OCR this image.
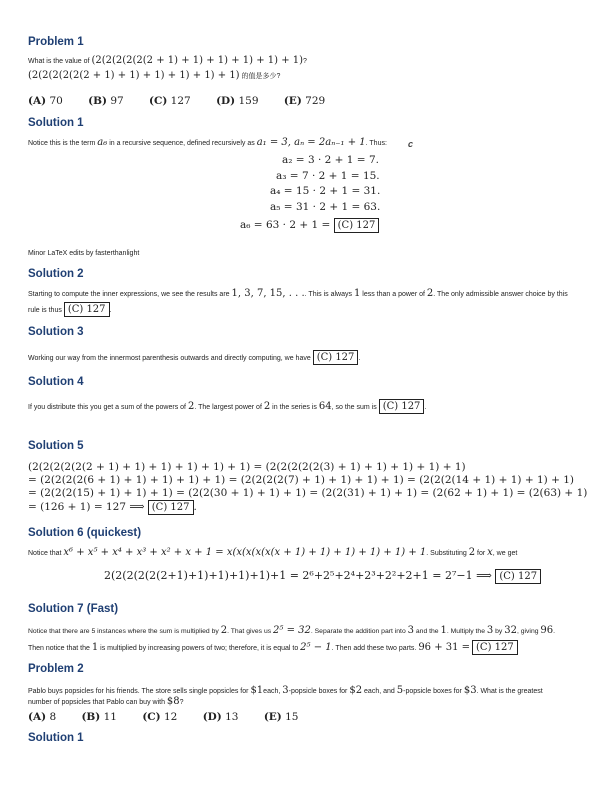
Problem 1
What is the value of (2(2(2(2(2(2 + 1) + 1) + 1) + 1) + 1) + 1)?
(2(2(2(2(2(2 + 1) + 1) + 1) + 1) + 1) + 1) 的值是多少?
(A) 70 (B) 97 (C) 127 (D) 159 (E) 729
Solution 1
Notice this is the term a₆ in a recursive sequence, defined recursively as a₁ = 3, aₙ = 2aₙ₋₁ + 1. Thus: 𝒄
a₂ = 3 · 2 + 1 = 7.
a₃ = 7 · 2 + 1 = 15.
a₄ = 15 · 2 + 1 = 31.
a₅ = 31 · 2 + 1 = 63.
a₆ = 63 · 2 + 1 = (C) 127
Minor LaTeX edits by fasterthanlight
Solution 2
Starting to compute the inner expressions, we see the results are 1, 3, 7, 15, . . .. This is always 1 less than a power of 2. The only admissible answer choice by this
rule is thus (C) 127 .
Solution 3
Working our way from the innermost parenthesis outwards and directly computing, we have (C) 127 .
Solution 4
If you distribute this you get a sum of the powers of 2. The largest power of 2 in the series is 64, so the sum is (C) 127 .
Solution 5
(2(2(2(2(2(2 + 1) + 1) + 1) + 1) + 1) + 1) = (2(2(2(2(2(3) + 1) + 1) + 1) + 1) + 1)
= (2(2(2(2(6 + 1) + 1) + 1) + 1) + 1) = (2(2(2(2(7) + 1) + 1) + 1) + 1) = (2(2(2(14 + 1) + 1) + 1) + 1)
= (2(2(2(15) + 1) + 1) + 1) = (2(2(30 + 1) + 1) + 1) = (2(2(31) + 1) + 1) = (2(62 + 1) + 1) = (2(63) + 1)
= (126 + 1) = 127 ⟹ (C) 127 .
Solution 6 (quickest)
Notice that x⁶ + x⁵ + x⁴ + x³ + x² + x + 1 = x(x(x(x(x(x + 1) + 1) + 1) + 1) + 1) + 1. Substituting 2 for x, we get
2(2(2(2(2(2+1)+1)+1)+1)+1)+1 = 2⁶+2⁵+2⁴+2³+2²+2+1 = 2⁷−1 ⟹ (C) 127
Solution 7 (Fast)
Notice that there are 5 instances where the sum is multiplied by 2. That gives us 2⁵ = 32. Separate the addition part into 3 and the 1. Multiply the 3 by 32, giving 96.
Then notice that the 1 is multiplied by increasing powers of two; therefore, it is equal to 2⁵ − 1. Then add these two parts. 96 + 31 = (C) 127
Problem 2
Pablo buys popsicles for his friends. The store sells single popsicles for $1each, 3-popsicle boxes for $2 each, and 5-popsicle boxes for $3. What is the greatest
number of popsicles that Pablo can buy with $8?
(A) 8 (B) 11 (C) 12 (D) 13 (E) 15
Solution 1
